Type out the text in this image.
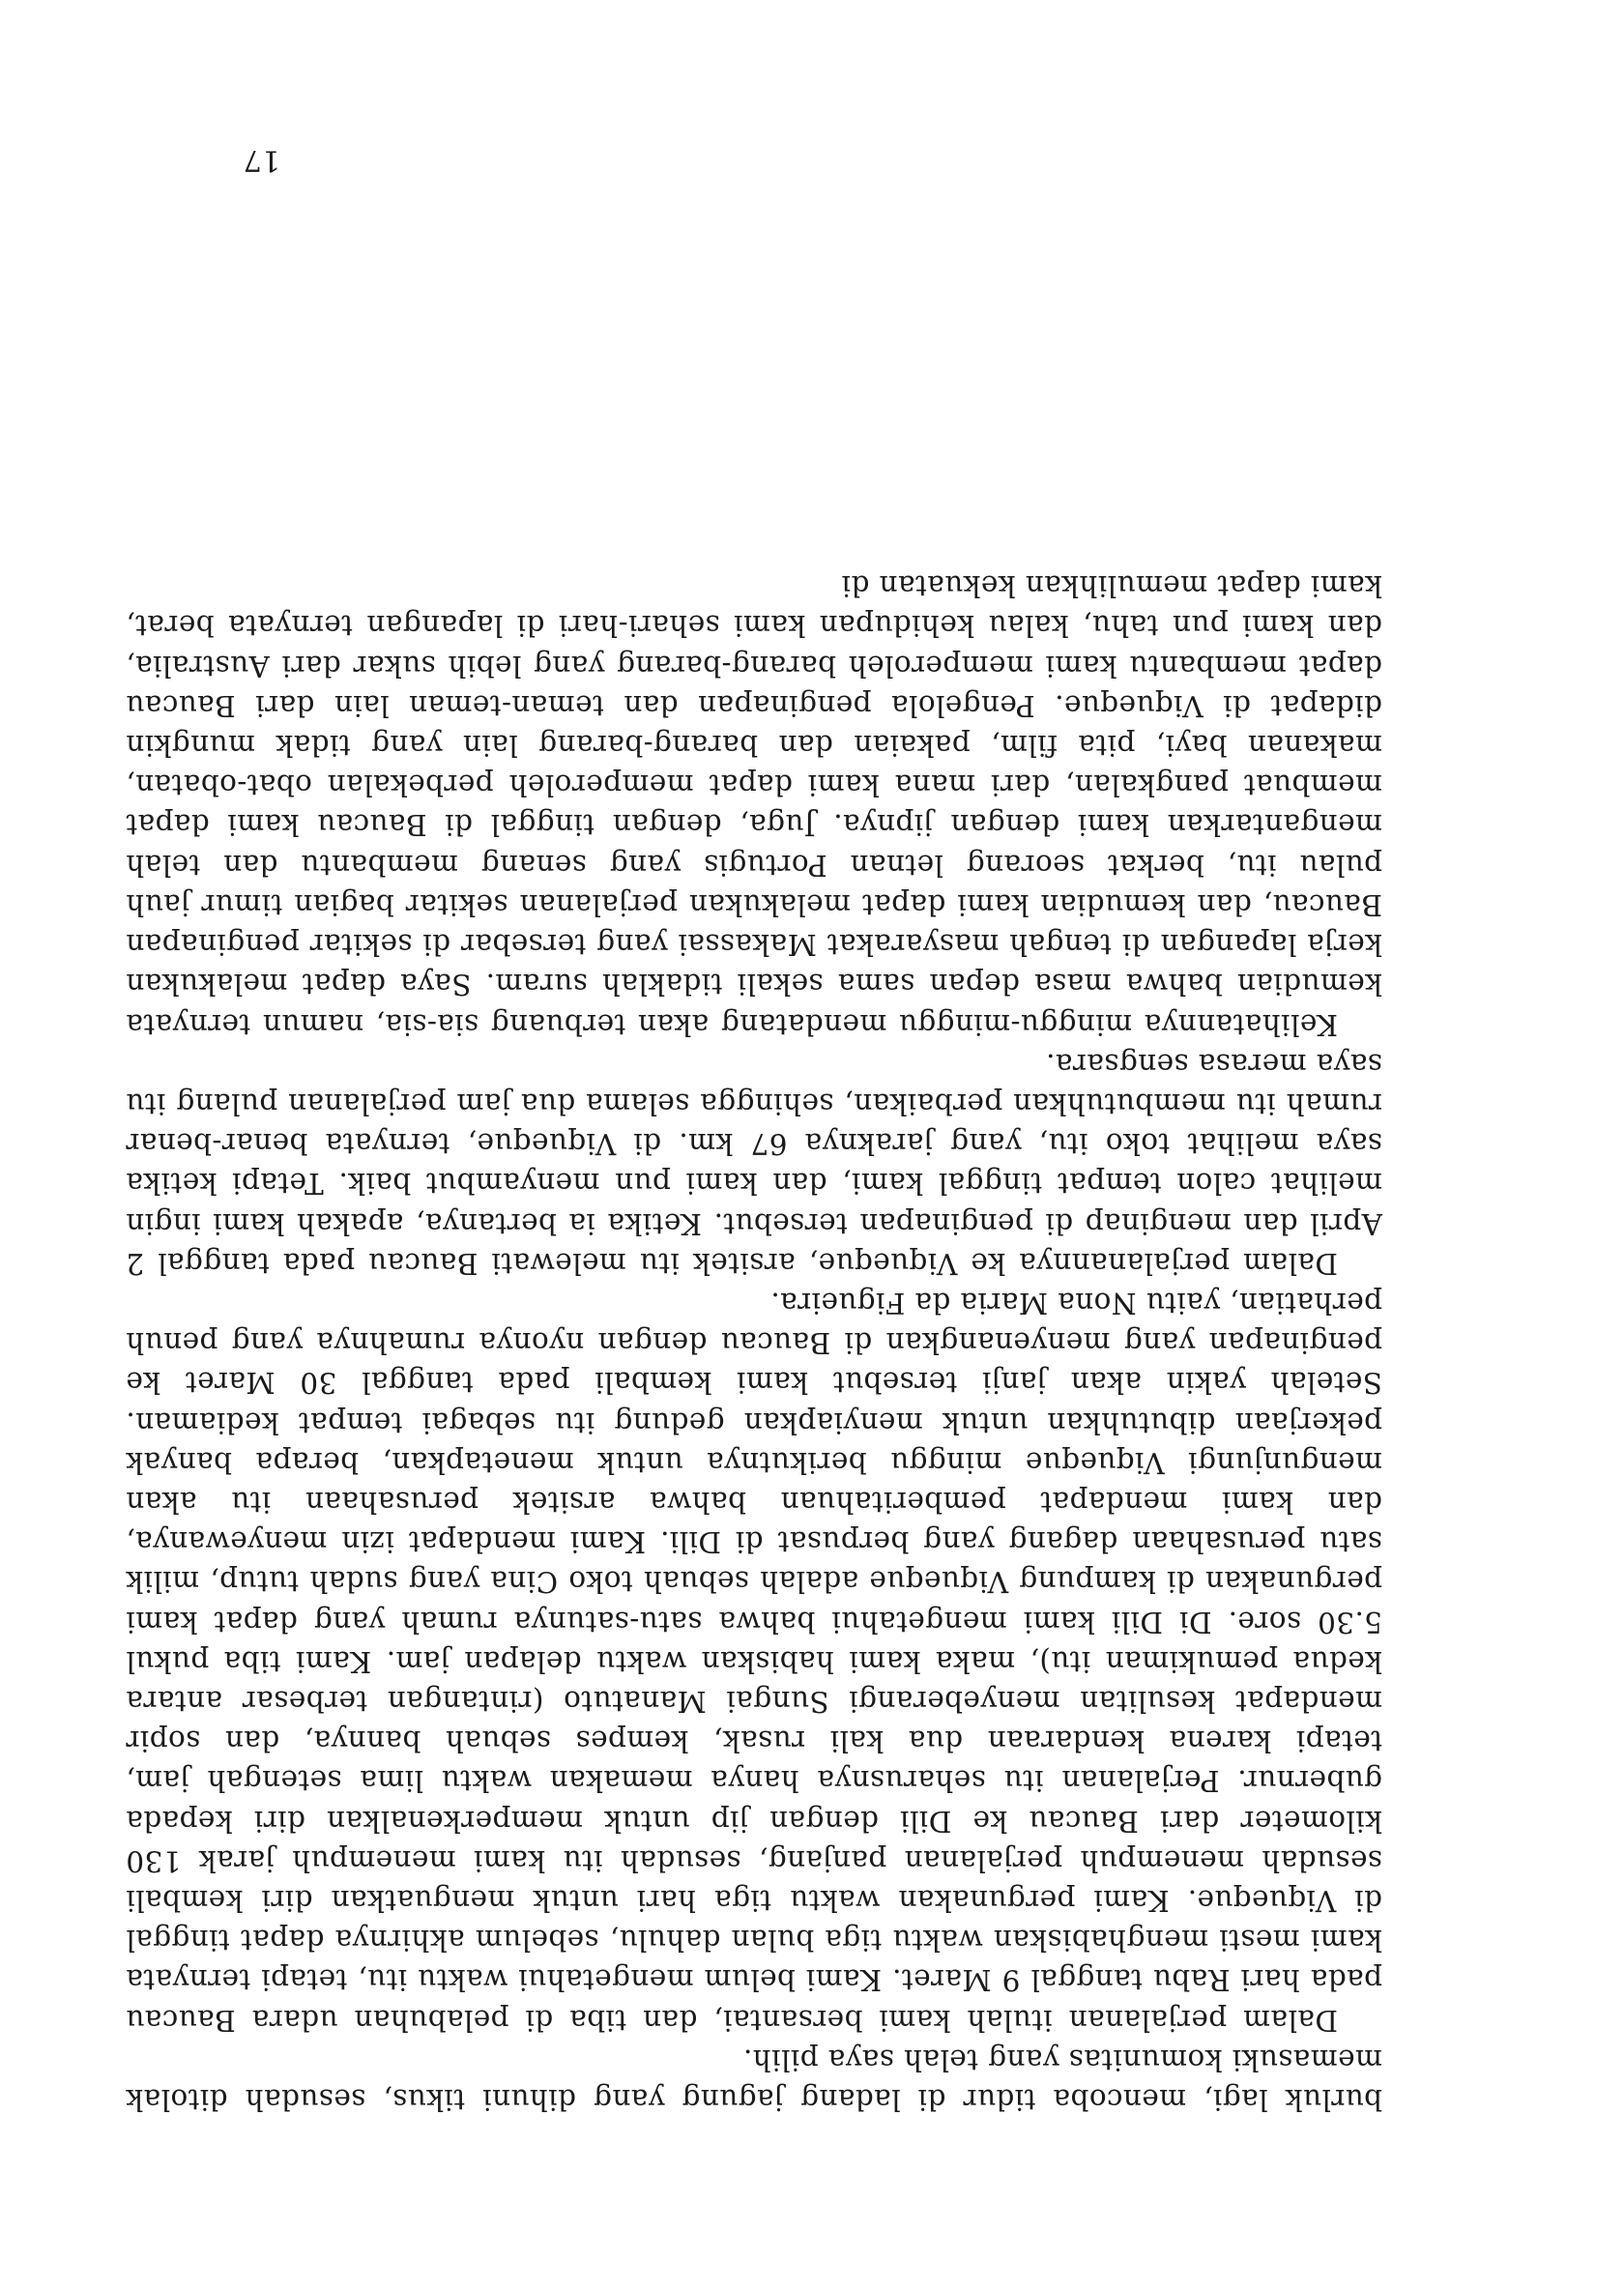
burluk lagi, mencoba tidur di ladang jagung yang dihuni tikus, sesudah ditolak memasuki komunitas yang telah saya pilih.

Dalam perjalanan itulah kami bersantai, dan tiba di pelabuhan udara Baucau pada hari Rabu tanggal 9 Maret. Kami belum mengetahui waktu itu, tetapi ternyata kami mesti menghabiskan waktu tiga bulan dahulu, sebelum akhirnya dapat tinggal di Viqueque. Kami pergunakan waktu tiga hari untuk menguatkan diri kembali sesudah menempuh perjalanan panjang, sesudah itu kami menempuh jarak 130 kilometer dari Baucau ke Dili dengan jip untuk memperkenalkan diri kepada gubernur. Perjalanan itu seharusnya hanya memakan waktu lima setengah jam, tetapi karena kendaraan dua kali rusak, kempes sebuah bannya, dan sopir mendapat kesulitan menyeberangi Sungai Manatuto (rintangan terbesar antara kedua pemukiman itu), maka kami habiskan waktu delapan jam. Kami tiba pukul 5.30 sore. Di Dili kami mengetahui bahwa satu-satunya rumah yang dapat kami pergunakan di kampung Viqueque adalah sebuah toko Cina yang sudah tutup, milik satu perusahaan dagang yang berpusat di Dili. Kami mendapat izin menyewanya, dan kami mendapat pemberitahuan bahwa arsitek perusahaan itu akan mengunjungi Viqueque minggu berikutnya untuk menetapkan, berapa banyak pekerjaan dibutuhkan untuk menyiapkan gedung itu sebagai tempat kediaman. Setelah yakin akan janji tersebut kami kembali pada tanggal 30 Maret ke penginapan yang menyenangkan di Baucau dengan nyonya rumahnya yang penuh perhatian, yaitu Nona Maria da Figueira.

Dalam perjalanannya ke Viqueque, arsitek itu melewati Baucau pada tanggal 2 April dan menginap di penginapan tersebut. Ketika ia bertanya, apakah kami ingin melihat calon tempat tinggal kami, dan kami pun menyambut baik. Tetapi ketika saya melihat toko itu, yang jaraknya 67 km. di Viqueque, ternyata benar-benar rumah itu membutuhkan perbaikan, sehingga selama dua jam perjalanan pulang itu saya merasa sengsara.

Kelihatannya minggu-minggu mendatang akan terbuang sia-sia, namun ternyata kemudian bahwa masa depan sama sekali tidaklah suram. Saya dapat melakukan kerja lapangan di tengah masyarakat Makassai yang tersebar di sekitar penginapan Baucau, dan kemudian kami dapat melakukan perjalanan sekitar bagian timur jauh pulau itu, berkat seorang letnan Portugis yang senang membantu dan telah mengantarkan kami dengan jipnya. Juga, dengan tinggal di Baucau kami dapat membuat pangkalan, dari mana kami dapat memperoleh perbekalan obat-obatan, makanan bayi, pita film, pakaian dan barang-barang lain yang tidak mungkin didapat di Viqueque. Pengelola penginapan dan teman-teman lain dari Baucau dapat membantu kami memperoleh barang-barang yang lebih sukar dari Australia, dan kami pun tahu, kalau kehidupan kami sehari-hari di lapangan ternyata berat, kami dapat memulihkan kekuatan di

17
